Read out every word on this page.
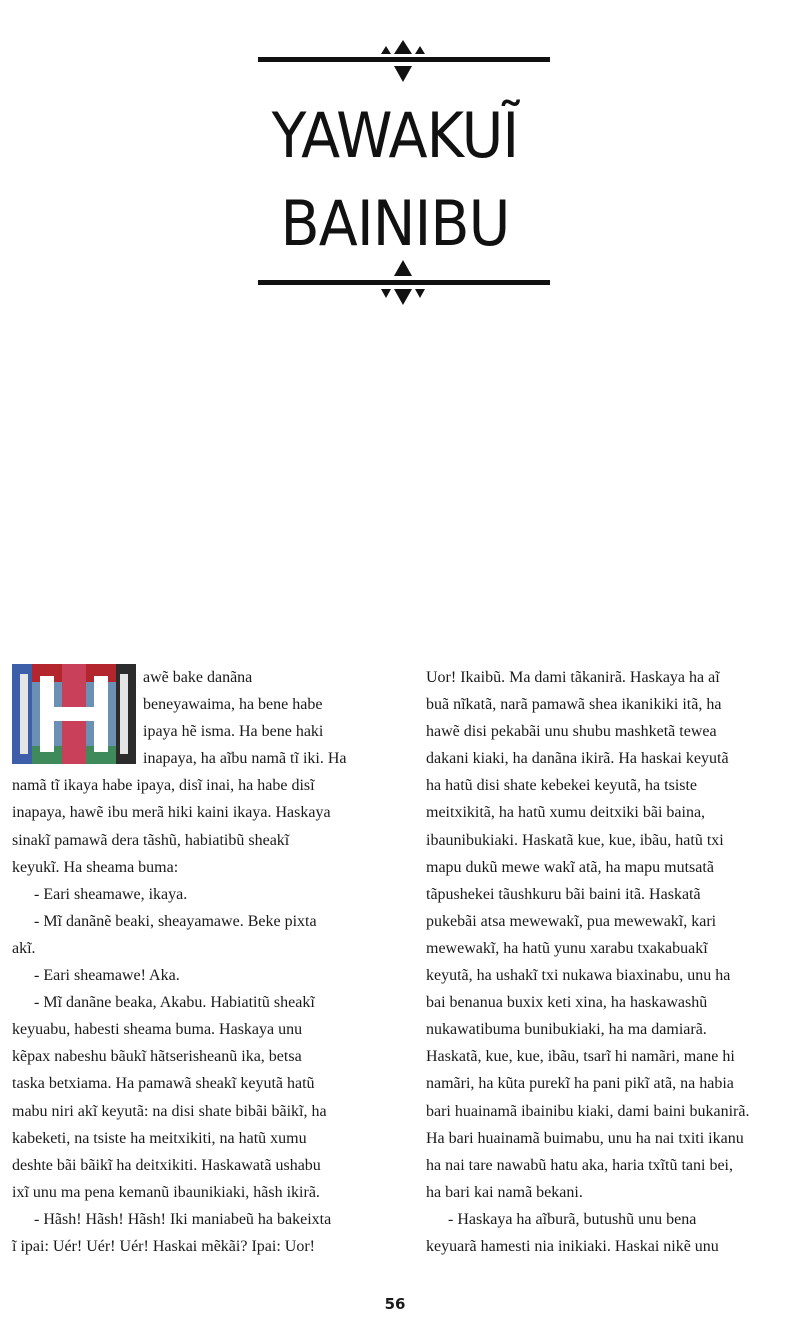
YAWAKUĨ
BAINIBU
awẽ bake danãna
beneyawaima, ha bene habe
ipaya hẽ isma. Ha bene haki
inapaya, ha aĩbu namã tĩ iki. Ha
namã tĩ ikaya habe ipaya, disĩ inai, ha habe disĩ
inapaya, hawẽ ibu merã hiki kaini ikaya. Haskaya
sinakĩ pamawã dera tãshũ, habiatibũ sheakĩ
keyukĩ. Ha sheama buma:
- Eari sheamawe, ikaya.
- Mĩ danãnẽ beaki, sheayamawe. Beke pixta
akĩ.
- Eari sheamawe! Aka.
- Mĩ danãne beaka, Akabu. Habiatitũ sheakĩ
keyuabu, habesti sheama buma. Haskaya unu
kẽpax nabeshu bãukĩ hãtserisheanũ ika, betsa
taska betxiama. Ha pamawã sheakĩ keyutã hatũ
mabu niri akĩ keyutã: na disi shate bibãi bãikĩ, ha
kabeketi, na tsiste ha meitxikiti, na hatũ xumu
deshte bãi bãikĩ ha deitxikiti. Haskawatã ushabu
ixĩ unu ma pena kemanũ ibaunikiaki, hãsh ikirã.
- Hãsh! Hãsh! Hãsh! Iki maniabeũ ha bakeixta
ĩ ipai: Uér! Uér! Uér! Haskai mẽkãi? Ipai: Uor!
Uor! Ikaibũ. Ma dami tãkanirã. Haskaya ha aĩ
buã nĩkatã, narã pamawã shea ikanikiki itã, ha
hawẽ disi pekabãi unu shubu mashketã tewea
dakani kiaki, ha danãna ikirã. Ha haskai keyutã
ha hatũ disi shate kebekei keyutã, ha tsiste
meitxikitã, ha hatũ xumu deitxiki bãi baina,
ibaunibukiaki. Haskatã kue, kue, ibãu, hatũ txi
mapu dukũ mewe wakĩ atã, ha mapu mutsatã
tãpushekei tãushkuru bãi baini itã. Haskatã
pukebãi atsa mewewakĩ, pua mewewakĩ, kari
mewewakĩ, ha hatũ yunu xarabu txakabuakĩ
keyutã, ha ushakĩ txi nukawa biaxinabu, unu ha
bai benanua buxix keti xina, ha haskawashũ
nukawatibuma bunibukiaki, ha ma damiarã.
Haskatã, kue, kue, ibãu, tsarĩ hi namãri, mane hi
namãri, ha kũta purekĩ ha pani pikĩ atã, na habia
bari huainamã ibainibu kiaki, dami baini bukanirã.
Ha bari huainamã buimabu, unu ha nai txiti ikanu
ha nai tare nawabũ hatu aka, haria txĩtũ tani bei,
ha bari kai namã bekani.
- Haskaya ha aĩburã, butushũ unu bena
keyuarã hamesti nia inikiaki. Haskai nikẽ unu
56
